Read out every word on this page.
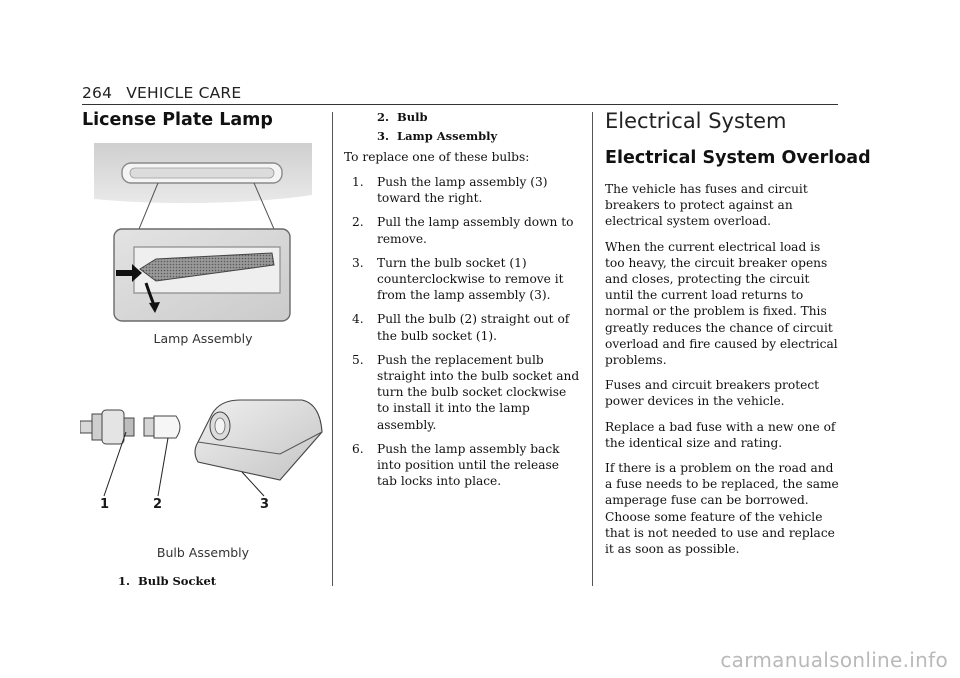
264 VEHICLE CARE
License Plate Lamp
Lamp Assembly
1	2	3
Bulb Assembly
1.  Bulb Socket
2.  Bulb
3.  Lamp Assembly
To replace one of these bulbs:
1. Push the lamp assembly (3) toward the right.
2. Pull the lamp assembly down to remove.
3. Turn the bulb socket (1) counterclockwise to remove it from the lamp assembly (3).
4. Pull the bulb (2) straight out of the bulb socket (1).
5. Push the replacement bulb straight into the bulb socket and turn the bulb socket clockwise to install it into the lamp assembly.
6. Push the lamp assembly back into position until the release tab locks into place.
Electrical System
Electrical System Overload

The vehicle has fuses and circuit breakers to protect against an electrical system overload.

When the current electrical load is too heavy, the circuit breaker opens and closes, protecting the circuit until the current load returns to normal or the problem is fixed. This greatly reduces the chance of circuit overload and fire caused by electrical problems.

Fuses and circuit breakers protect power devices in the vehicle.

Replace a bad fuse with a new one of the identical size and rating.

If there is a problem on the road and a fuse needs to be replaced, the same amperage fuse can be borrowed. Choose some feature of the vehicle that is not needed to use and replace it as soon as possible.

carmanualsonline.info
